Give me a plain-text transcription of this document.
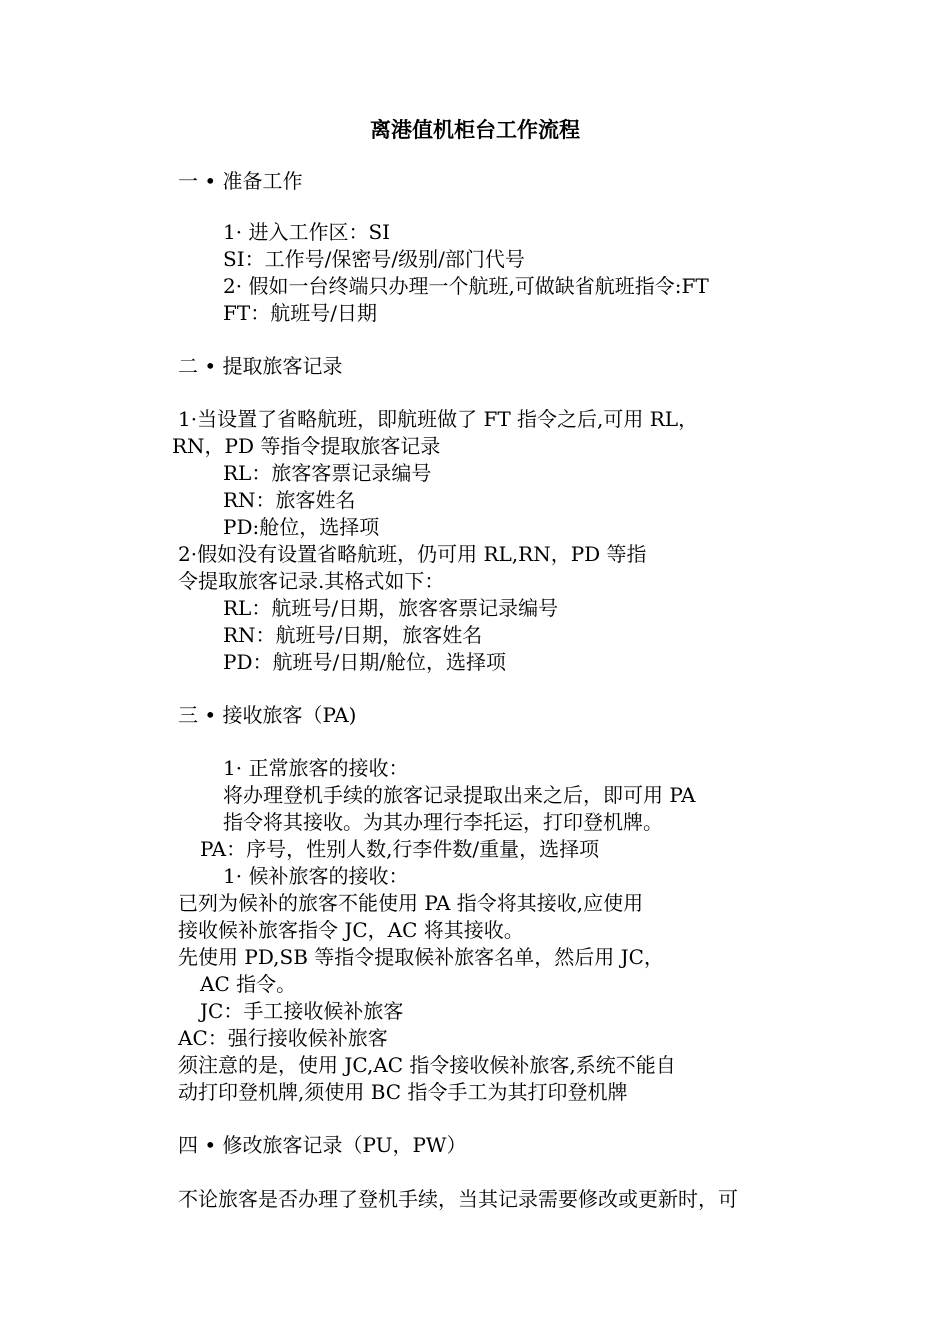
离港值机柜台工作流程
一 • 准备工作
1· 进入工作区：SI
SI：工作号/保密号/级别/部门代号
2· 假如一台终端只办理一个航班,可做缺省航班指令:FT
FT：航班号/日期
二 • 提取旅客记录
1·当设置了省略航班，即航班做了 FT 指令之后,可用 RL，
RN，PD 等指令提取旅客记录
RL：旅客客票记录编号
RN：旅客姓名
PD:舱位，选择项
2·假如没有设置省略航班，仍可用 RL,RN，PD 等指
令提取旅客记录.其格式如下：
RL：航班号/日期，旅客客票记录编号
RN：航班号/日期，旅客姓名
PD：航班号/日期/舱位，选择项
三 • 接收旅客（PA)
1· 正常旅客的接收：
将办理登机手续的旅客记录提取出来之后，即可用 PA
指令将其接收。为其办理行李托运，打印登机牌。
PA：序号，性别人数,行李件数/重量，选择项
1· 候补旅客的接收：
已列为候补的旅客不能使用 PA 指令将其接收,应使用
接收候补旅客指令 JC，AC 将其接收。
先使用 PD,SB 等指令提取候补旅客名单，然后用 JC，
AC 指令。
JC：手工接收候补旅客
AC：强行接收候补旅客
须注意的是，使用 JC,AC 指令接收候补旅客,系统不能自
动打印登机牌,须使用 BC 指令手工为其打印登机牌
四 • 修改旅客记录（PU，PW）
不论旅客是否办理了登机手续，当其记录需要修改或更新时，可
